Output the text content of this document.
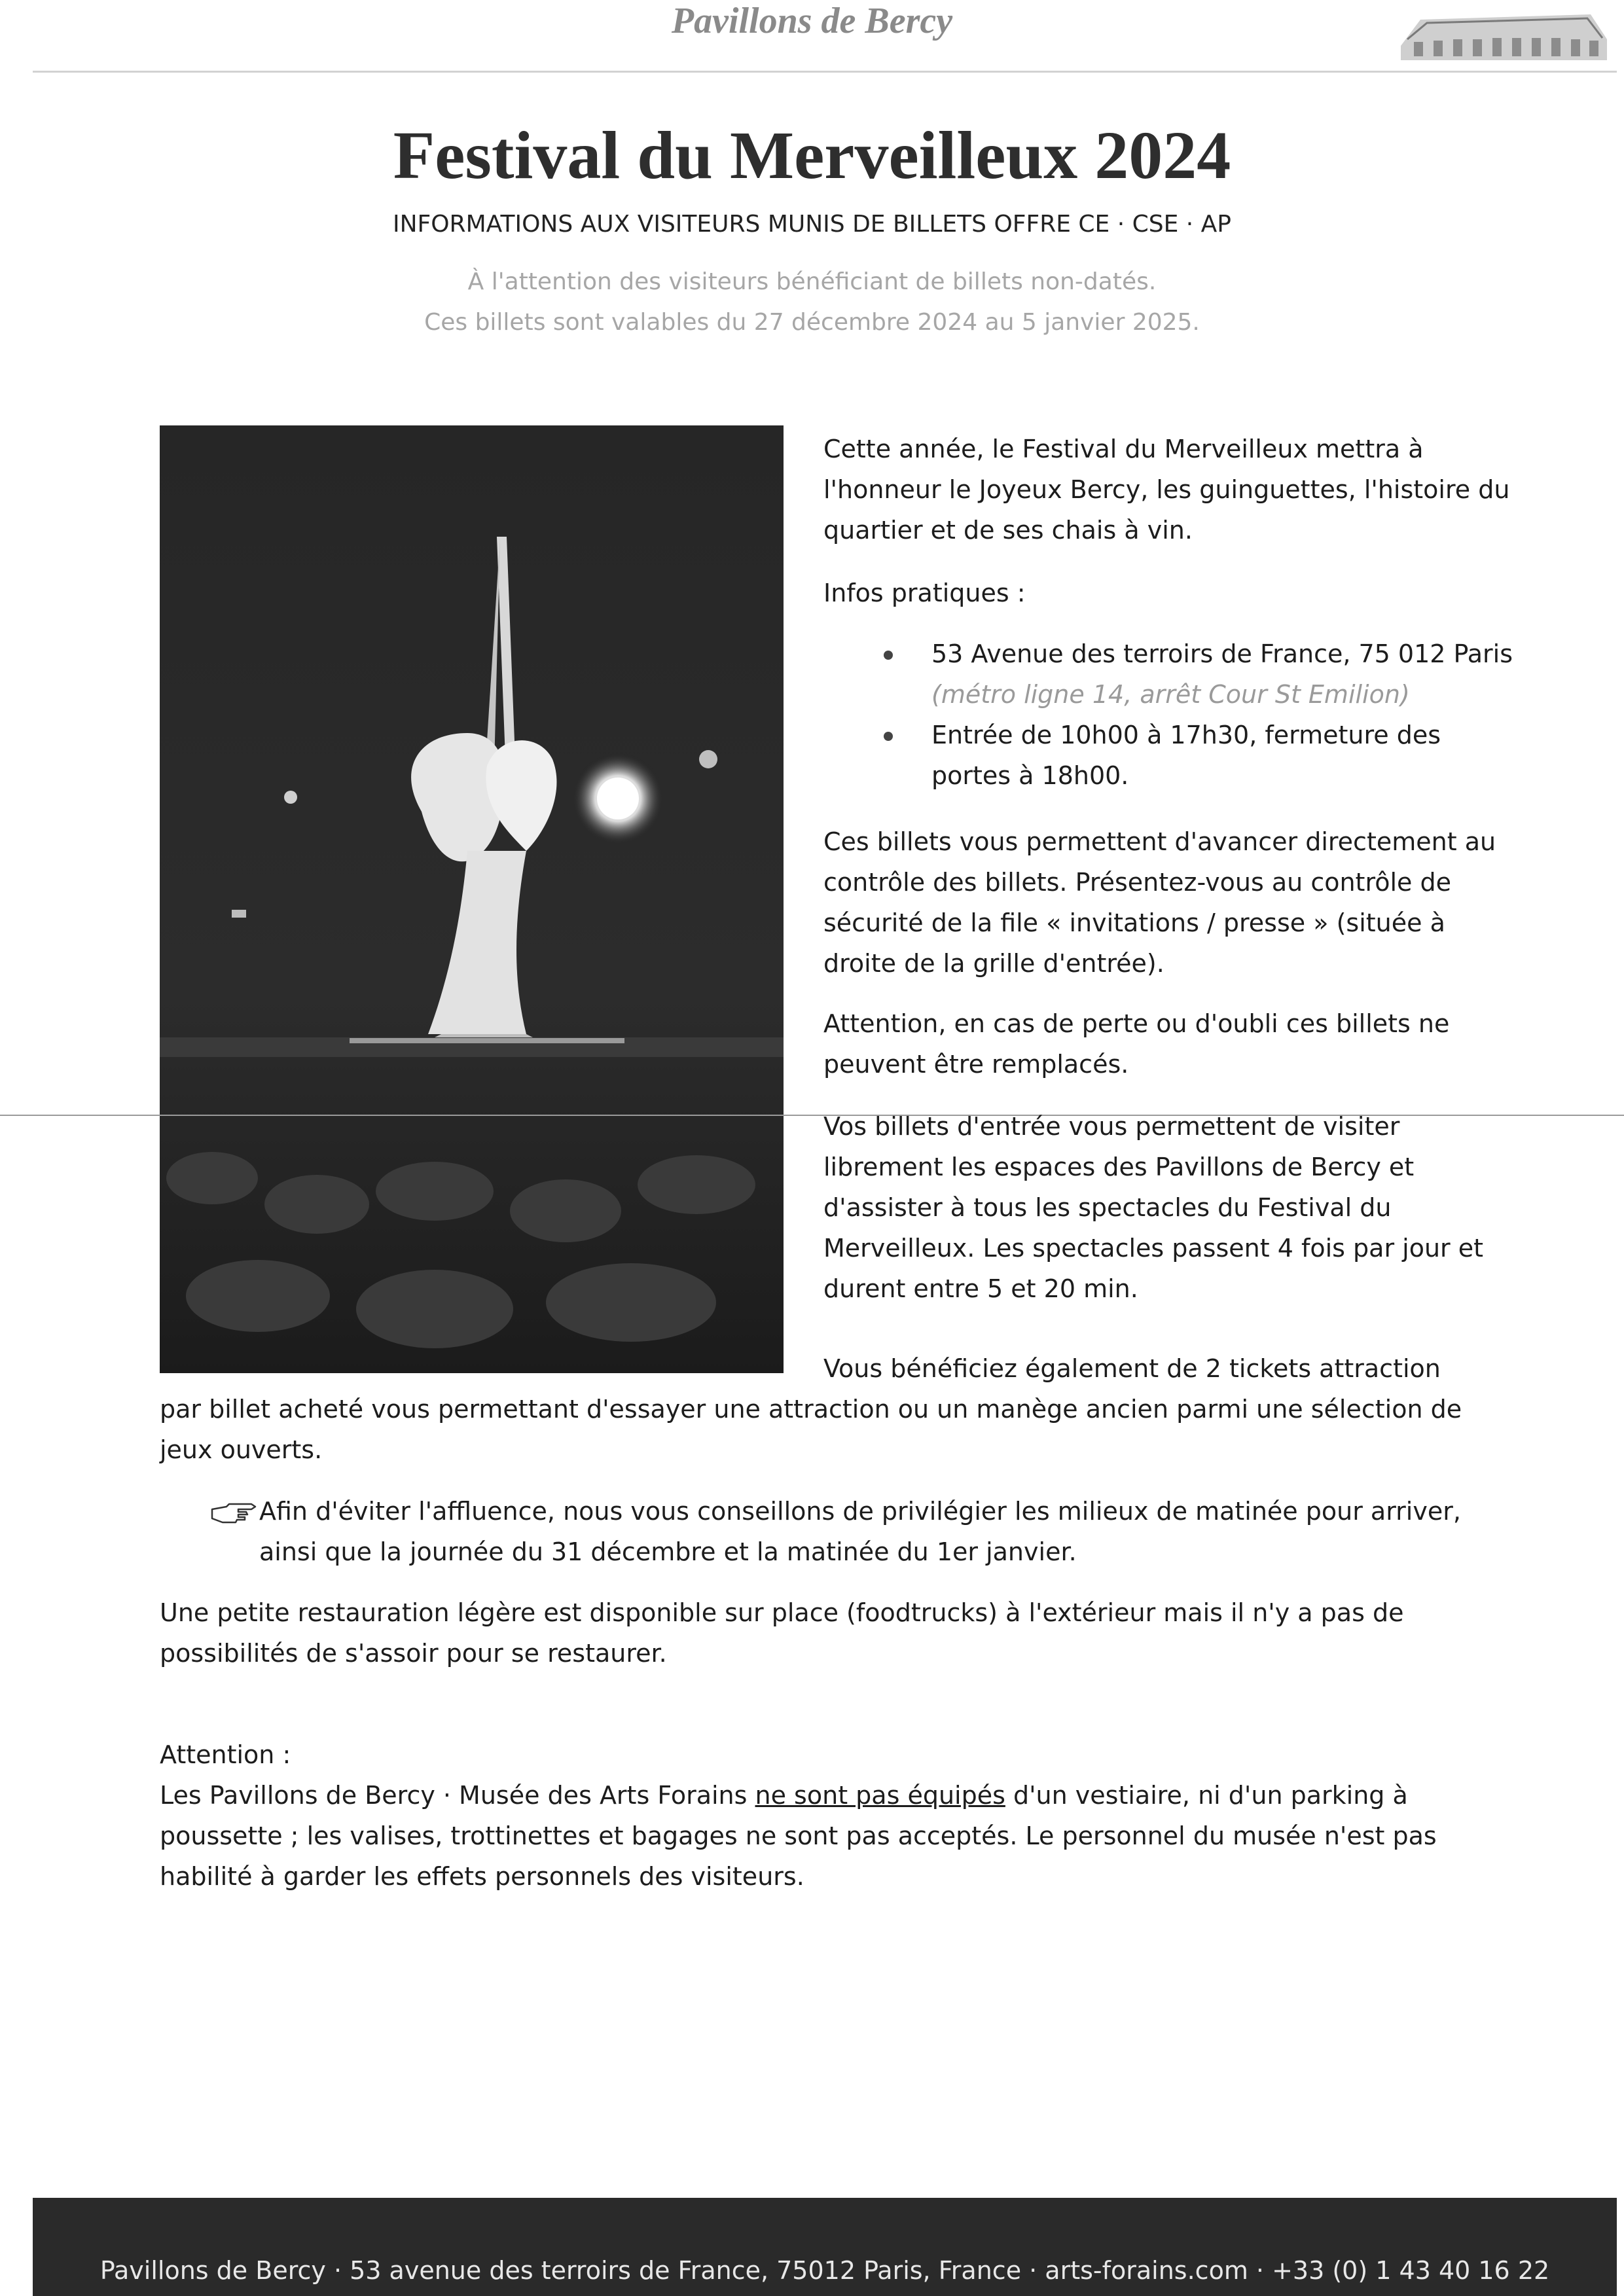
Pavillons de Bercy
Festival du Merveilleux 2024
INFORMATIONS AUX VISITEURS MUNIS DE BILLETS OFFRE CE · CSE · AP
À l'attention des visiteurs bénéficiant de billets non-datés.
Ces billets sont valables du 27 décembre 2024 au 5 janvier 2025.

Cette année, le Festival du Merveilleux mettra à l'honneur le Joyeux Bercy, les guinguettes, l'histoire du quartier et de ses chais à vin.

Infos pratiques :

53 Avenue des terroirs de France, 75 012 Paris (métro ligne 14, arrêt Cour St Emilion)
Entrée de 10h00 à 17h30, fermeture des portes à 18h00.

Ces billets vous permettent d'avancer directement au contrôle des billets. Présentez-vous au contrôle de sécurité de la file « invitations / presse » (située à droite de la grille d'entrée).

Attention, en cas de perte ou d'oubli ces billets ne peuvent être remplacés.

Vos billets d'entrée vous permettent de visiter librement les espaces des Pavillons de Bercy et d'assister à tous les spectacles du Festival du Merveilleux. Les spectacles passent 4 fois par jour et durent entre 5 et 20 min.

Vous bénéficiez également de 2 tickets attraction par billet acheté vous permettant d'essayer une attraction ou un manège ancien parmi une sélection de jeux ouverts.

Afin d'éviter l'affluence, nous vous conseillons de privilégier les milieux de matinée pour arriver,
ainsi que la journée du 31 décembre et la matinée du 1er janvier.

Une petite restauration légère est disponible sur place (foodtrucks) à l'extérieur mais il n'y a pas de possibilités de s'assoir pour se restaurer.

Attention :

Les Pavillons de Bercy · Musée des Arts Forains ne sont pas équipés d'un vestiaire, ni d'un parking à poussette ; les valises, trottinettes et bagages ne sont pas acceptés. Le personnel du musée n'est pas habilité à garder les effets personnels des visiteurs.

Pavillons de Bercy · 53 avenue des terroirs de France, 75012 Paris, France · arts-forains.com · +33 (0) 1 43 40 16 22
